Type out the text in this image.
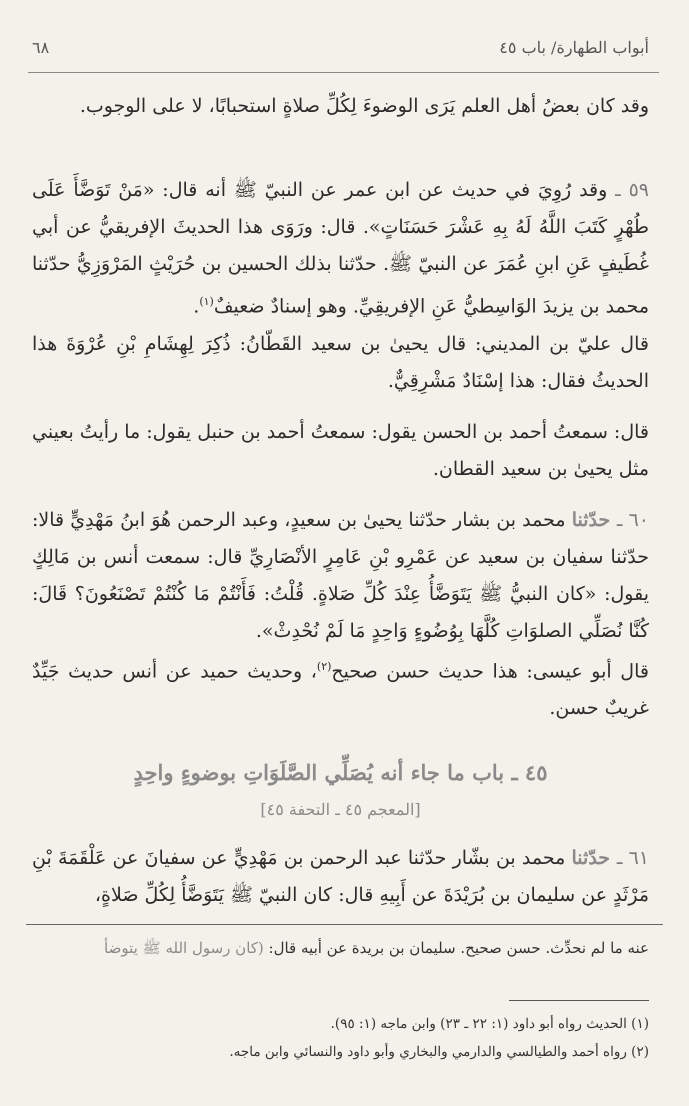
أبواب الطهارة/ باب ٤٥
٦٨
وقد كان بعضُ أهل العلم يَرَى الوضوءَ لِكُلِّ صلاةٍ استحبابًا، لا على الوجوب.
٥٩ ـ وقد رُوِيَ في حديث عن ابن عمر عن النبيّ ﷺ أنه قال: «مَنْ تَوَضَّأَ عَلَى طُهْرٍ كَتَبَ اللَّهُ لَهُ بِهِ عَشْرَ حَسَنَاتٍ». قال: ورَوَى هذا الحديثَ الإفريقيُّ عن أبي غُطَيفٍ عَنِ ابنِ عُمَرَ عن النبيّ ﷺ. حدّثنا بذلك الحسين بن حُرَيْثٍ المَرْوَزِيُّ حدّثنا محمد بن يزيدَ الوَاسِطيُّ عَنِ الإفريقِيِّ. وهو إسنادٌ ضعيفٌ$^{(١)}$.
قال عليّ بن المديني: قال يحيىٰ بن سعيد القَطّانُ: ذُكِرَ لِهِشَامِ بْنِ عُرْوَةَ هذا الحديثُ فقال: هذا إسْنَادٌ مَشْرِقِيٌّ.
قال: سمعتُ أحمد بن الحسن يقول: سمعتُ أحمد بن حنبل يقول: ما رأيتُ بعيني مثل يحيىٰ بن سعيد القطان.
٦٠ ـ حدّثنا محمد بن بشار حدّثنا يحيىٰ بن سعيدٍ، وعبد الرحمن هُوَ ابنُ مَهْدِيٍّ قالا: حدّثنا سفيان بن سعيد عن عَمْرِو بْنِ عَامِرٍ الأنْصَارِيِّ قال: سمعت أنس بن مَالِكٍ يقول: «كان النبيُّ ﷺ يَتَوَضَّأُ عِنْدَ كُلِّ صَلاةٍ. قُلْتُ: فَأَنْتُمْ مَا كُنْتُمْ تَصْنَعُونَ؟ قَالَ: كُنَّا نُصَلِّي الصلوَاتِ كُلَّهَا بِوُضُوءٍ وَاحِدٍ مَا لَمْ نُحْدِثْ».
قال أبو عيسى: هذا حديث حسن صحيح$^{(٢)}$، وحديث حميد عن أنس حديث جَيِّدٌ غريبٌ حسن.
٤٥ ـ باب ما جاء أنه يُصَلِّي الصَّلَوَاتِ بوضوءٍ واحِدٍ
[المعجم ٤٥ ـ التحفة ٤٥]
٦١ ـ حدّثنا محمد بن بشّار حدّثنا عبد الرحمن بن مَهْدِيٍّ عن سفيانَ عن عَلْقَمَةَ بْنِ مَرْثَدٍ عن سليمان بن بُرَيْدَةَ عن أَبِيهِ قال: كان النبيّ ﷺ يَتَوَضَّأُ لِكُلِّ صَلاةٍ،
عنه ما لم نحدِّث. حسن صحيح. سليمان بن بريدة عن أبيه قال: (كان رسول الله ﷺ يتوضأ
(١) الحديث رواه أبو داود (١: ٢٢ ـ ٢٣) وابن ماجه (١: ٩٥).
(٢) رواه أحمد والطيالسي والدارمي والبخاري وأبو داود والنسائي وابن ماجه.
